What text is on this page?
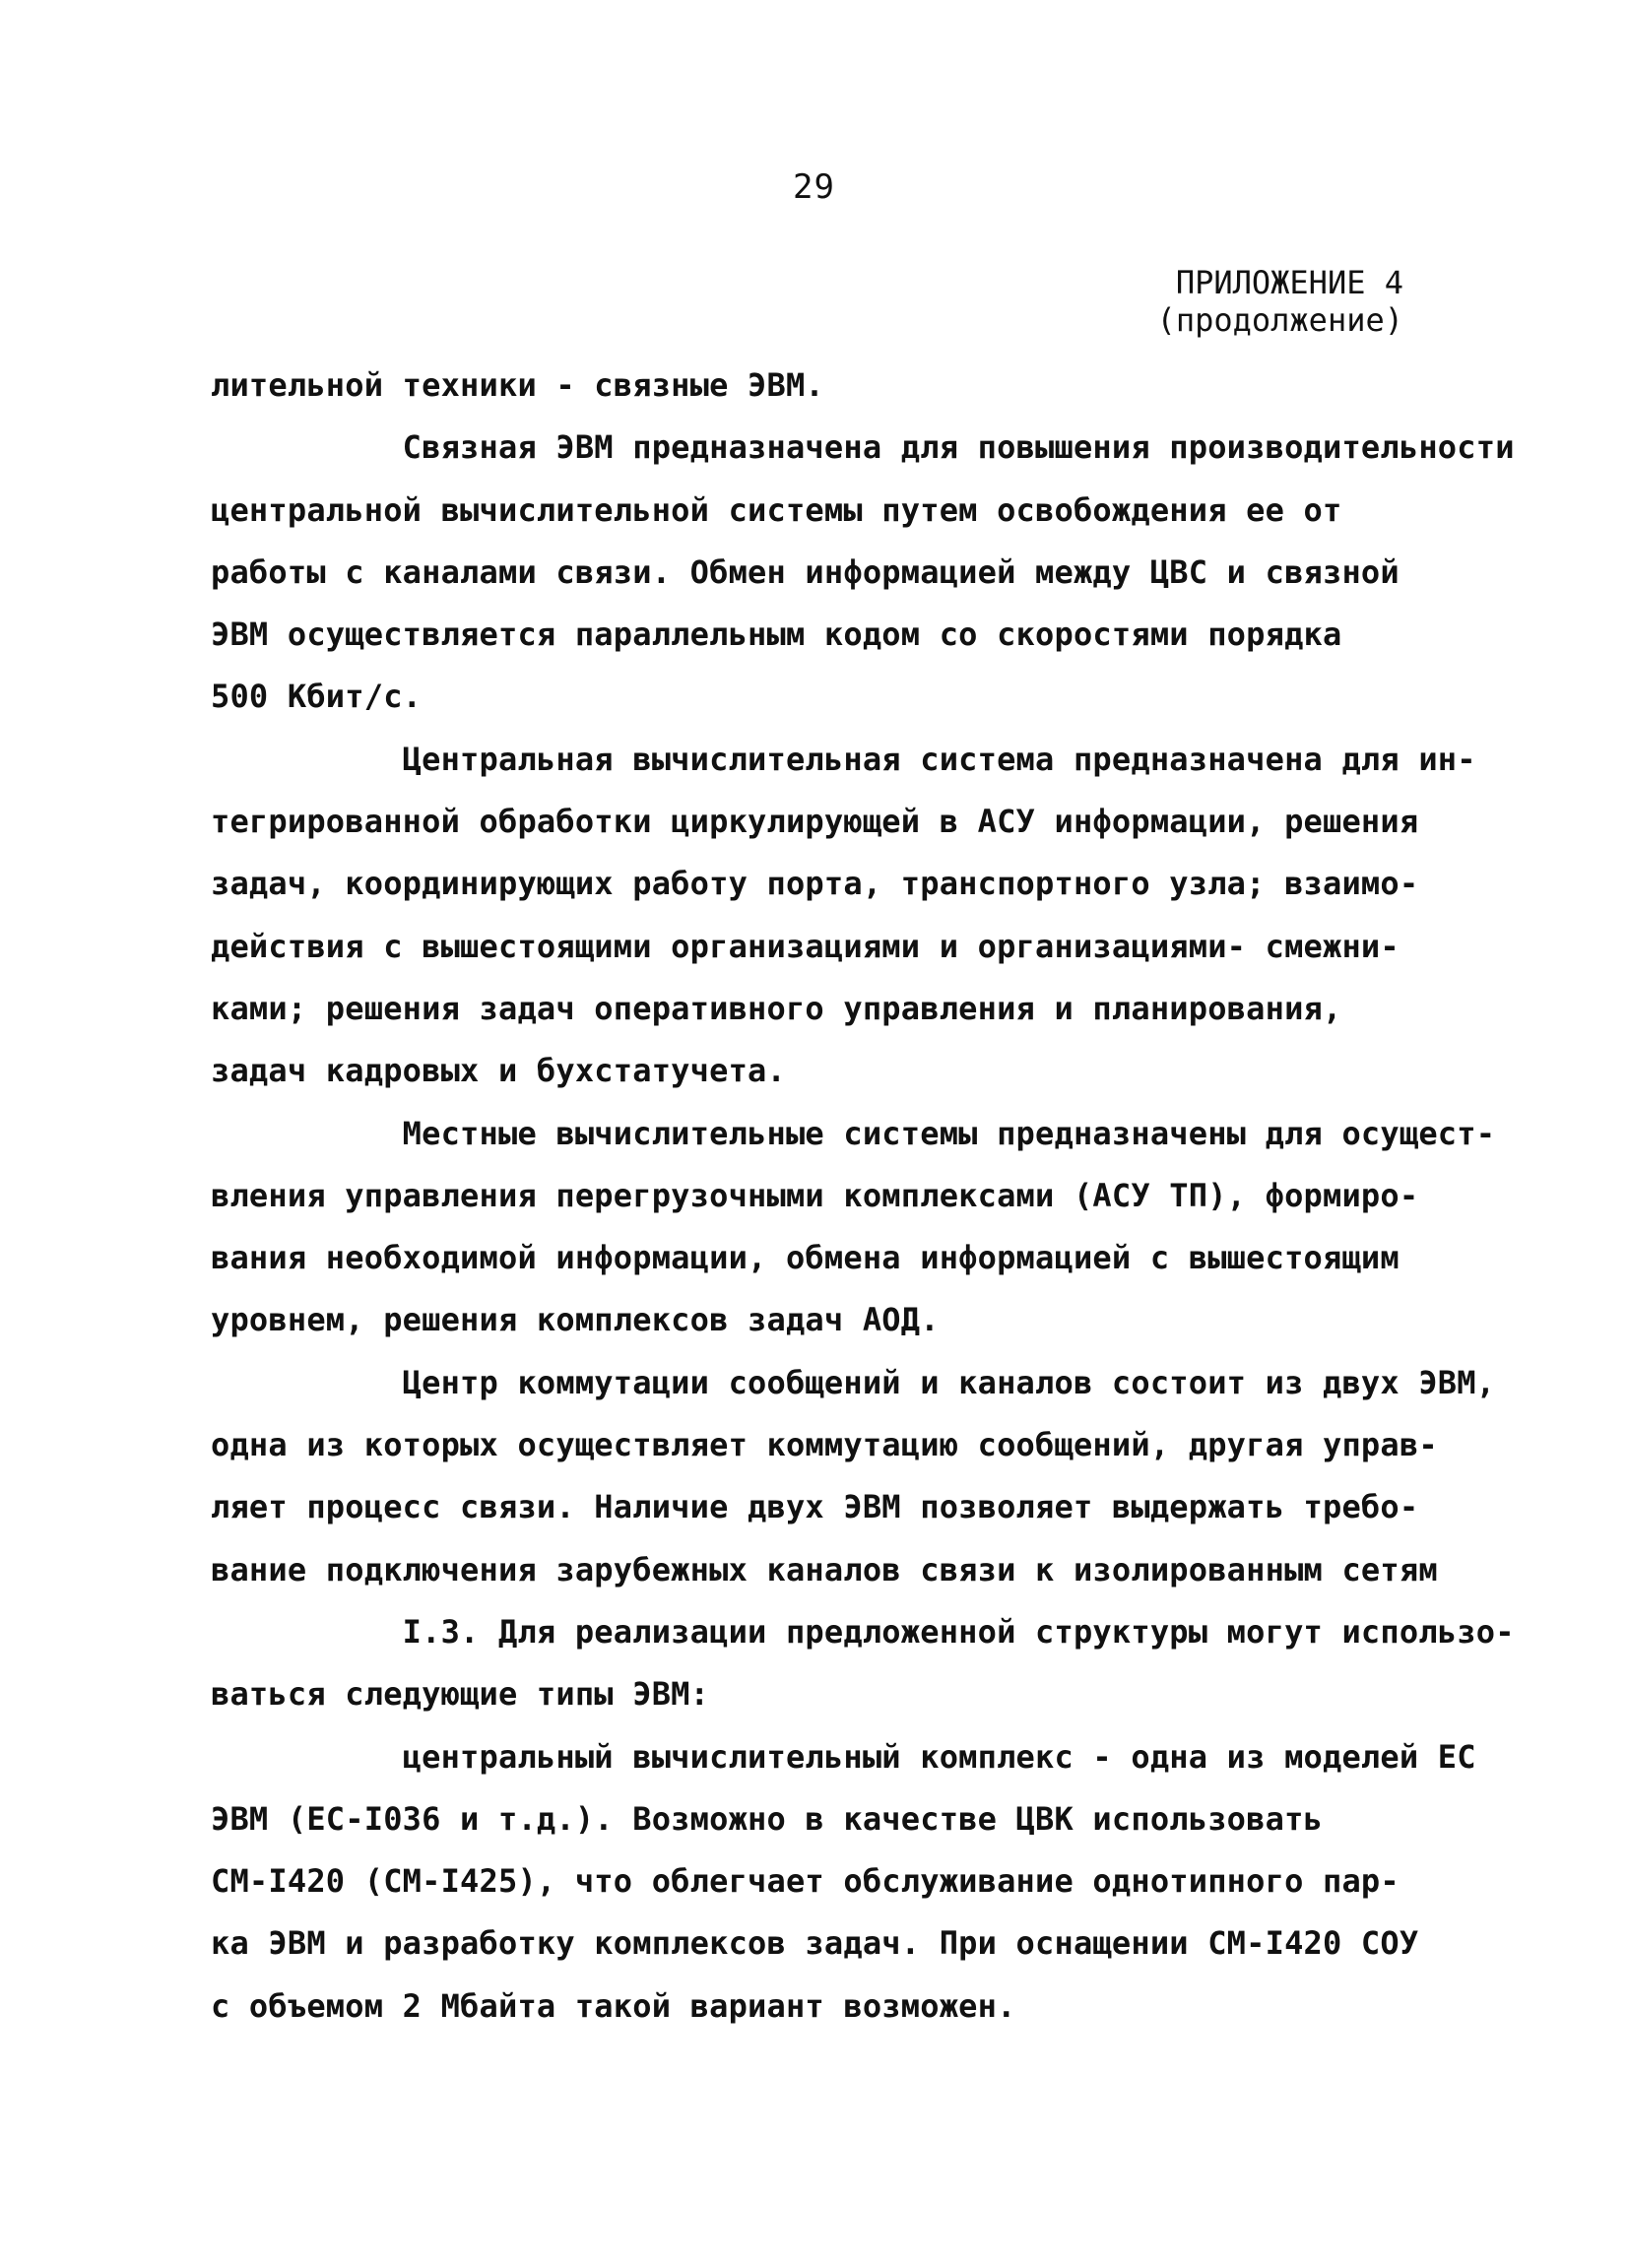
29
ПРИЛОЖЕНИЕ 4
(продолжение)
лительной техники - связные ЭВМ.
Связная ЭВМ предназначена для повышения производительности
центральной вычислительной системы путем освобождения ее от
работы с каналами связи. Обмен информацией между ЦВС и связной
ЭВМ осуществляется параллельным кодом со скоростями порядка
500 Кбит/с.
Центральная вычислительная система предназначена для ин-
тегрированной обработки циркулирующей в АСУ информации, решения
задач, координирующих работу порта, транспортного узла; взаимо-
действия с вышестоящими организациями и организациями- смежни-
ками; решения задач оперативного управления и планирования,
задач кадровых и бухстатучета.
Местные вычислительные системы предназначены для осущест-
вления управления перегрузочными комплексами (АСУ ТП), формиро-
вания необходимой информации, обмена информацией с вышестоящим
уровнем, решения комплексов задач АОД.
Центр коммутации сообщений и каналов состоит из двух ЭВМ,
одна из которых осуществляет коммутацию сообщений, другая управ-
ляет процесс связи. Наличие двух ЭВМ позволяет выдержать требо-
вание подключения зарубежных каналов связи к изолированным сетям
I.3. Для реализации предложенной структуры могут использо-
ваться следующие типы ЭВМ:
центральный вычислительный комплекс - одна из моделей ЕС
ЭВМ (ЕС-I036 и т.д.). Возможно в качестве ЦВК использовать
СМ-I420 (СМ-I425), что облегчает обслуживание однотипного пар-
ка ЭВМ и разработку комплексов задач. При оснащении СМ-I420 СОУ
с объемом 2 Мбайта такой вариант возможен.
